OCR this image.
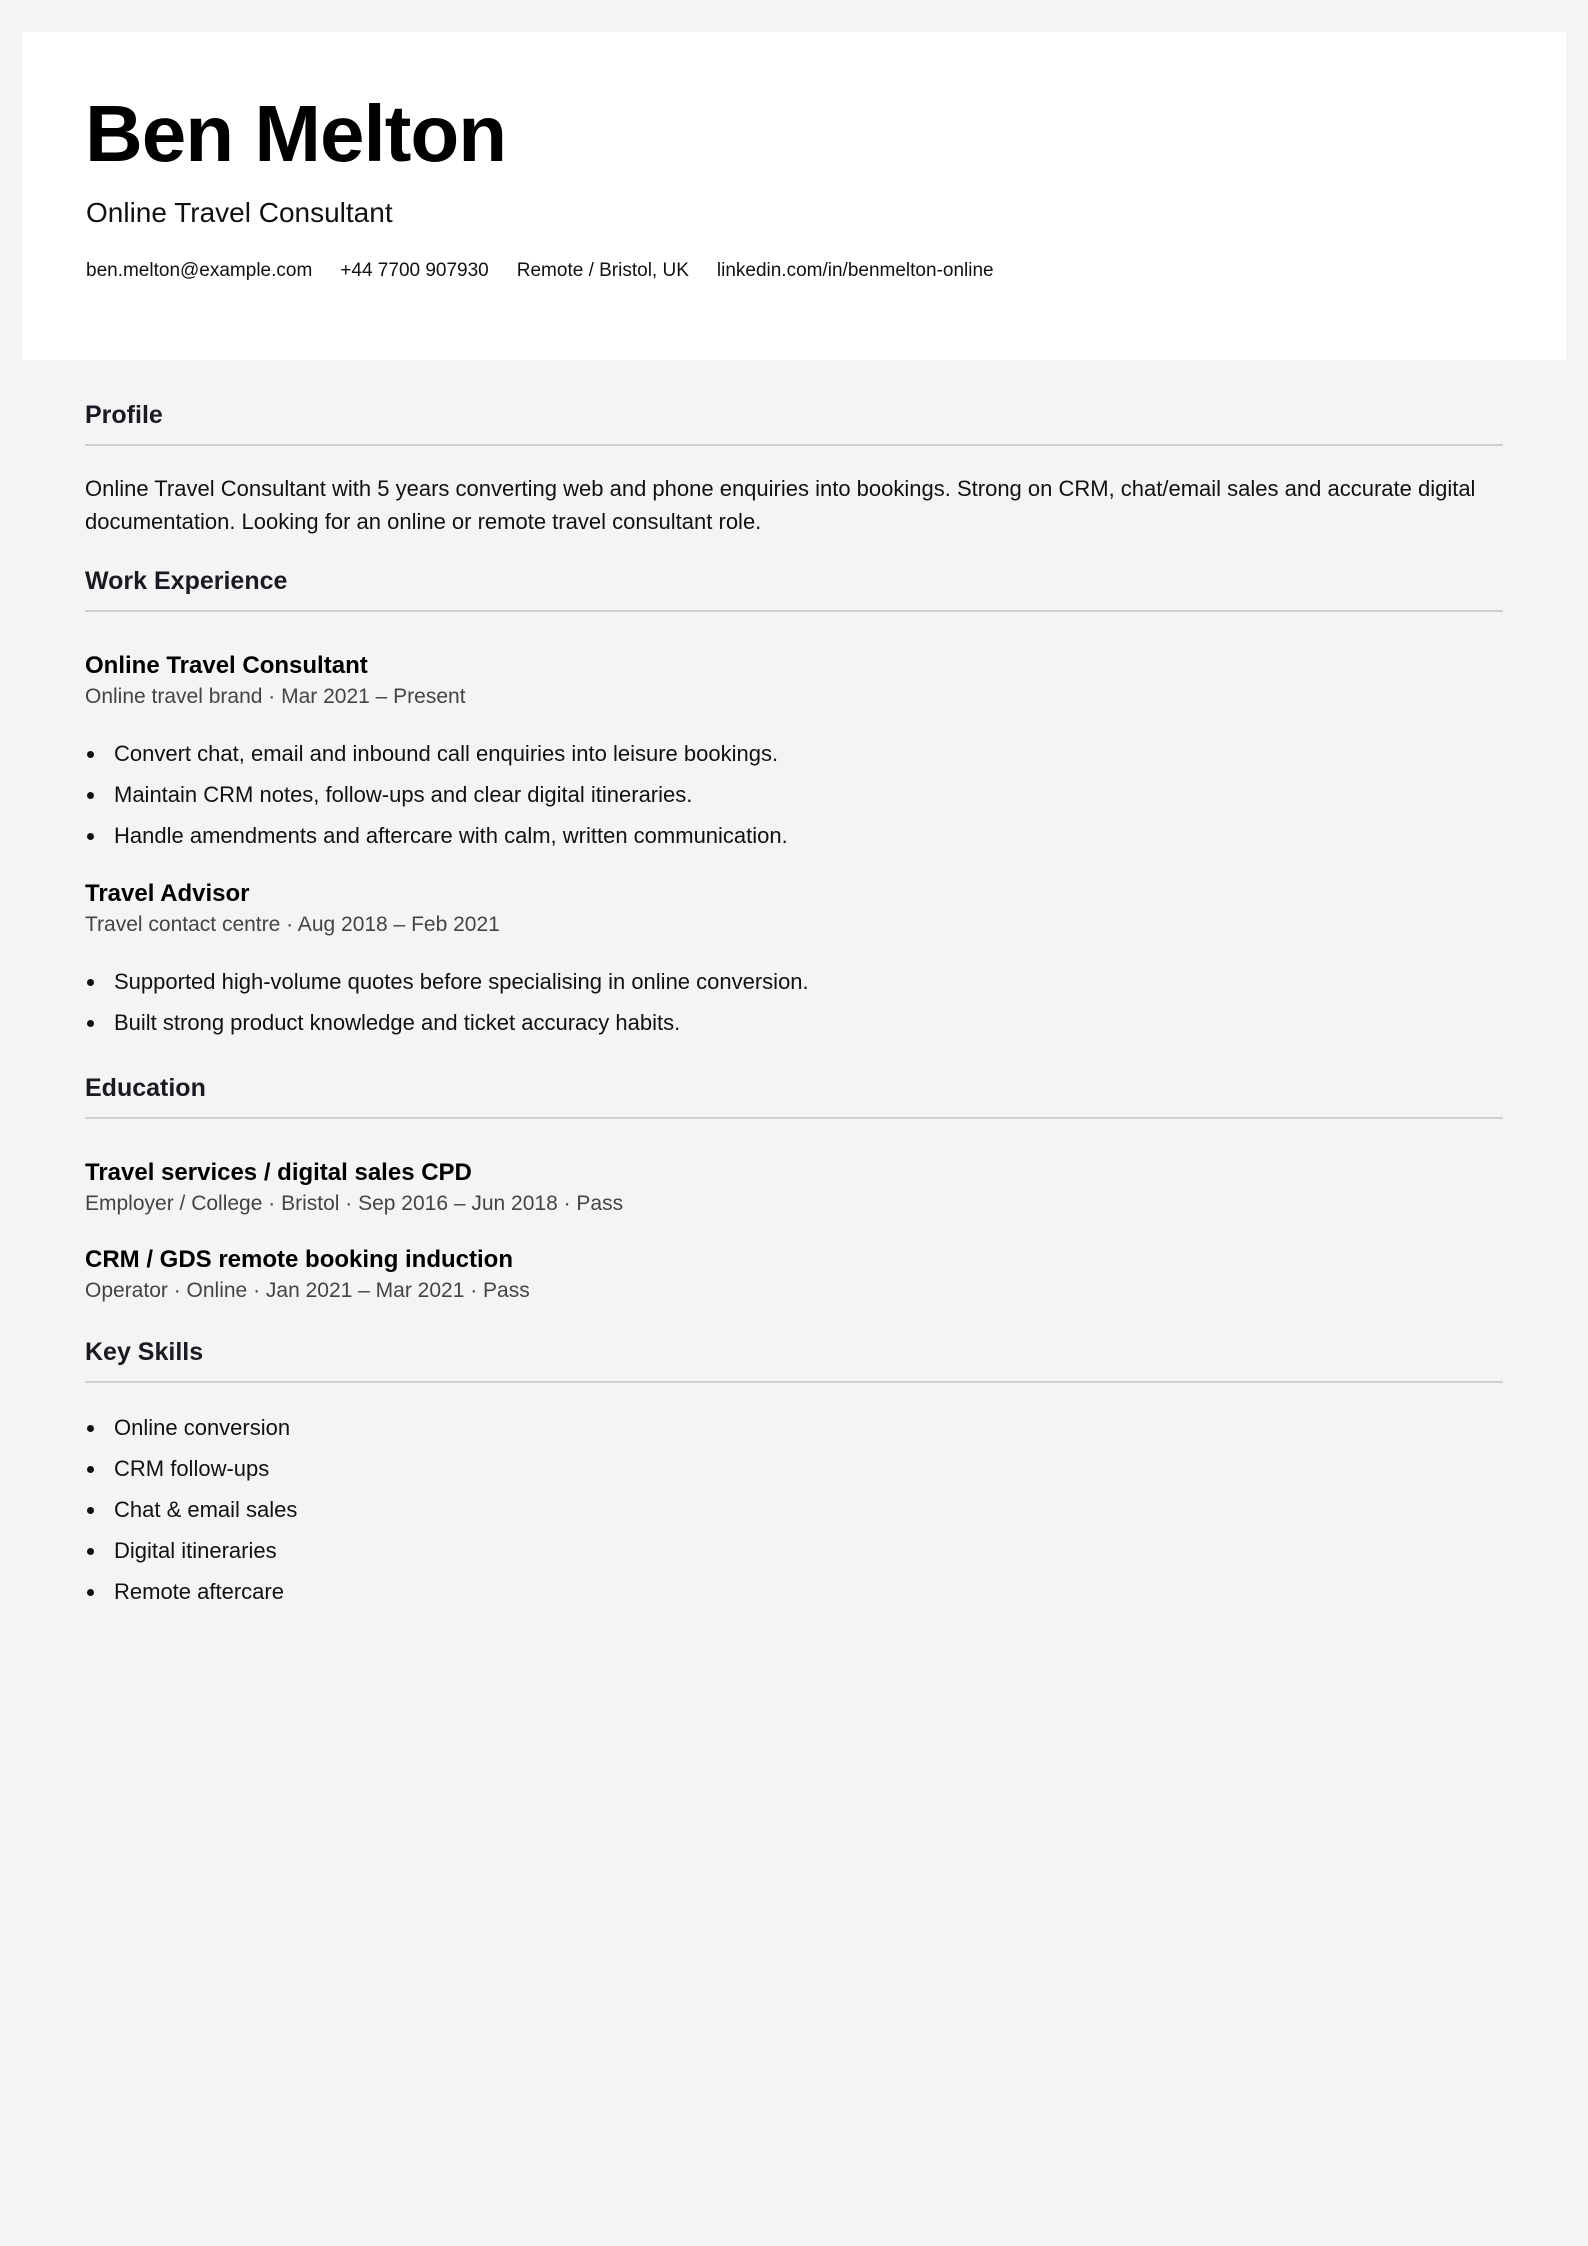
Ben Melton
Online Travel Consultant
ben.melton@example.com +44 7700 907930 Remote / Bristol, UK linkedin.com/in/benmelton-online
Profile

Online Travel Consultant with 5 years converting web and phone enquiries into bookings. Strong on CRM, chat/email sales and accurate digital documentation. Looking for an online or remote travel consultant role.

Work Experience
Online Travel Consultant
Online travel brand · Mar 2021 – Present
Convert chat, email and inbound call enquiries into leisure bookings.
Maintain CRM notes, follow-ups and clear digital itineraries.
Handle amendments and aftercare with calm, written communication.
Travel Advisor
Travel contact centre · Aug 2018 – Feb 2021
Supported high-volume quotes before specialising in online conversion.
Built strong product knowledge and ticket accuracy habits.
Education
Travel services / digital sales CPD
Employer / College · Bristol · Sep 2016 – Jun 2018 · Pass
CRM / GDS remote booking induction
Operator · Online · Jan 2021 – Mar 2021 · Pass
Key Skills
Online conversion
CRM follow-ups
Chat & email sales
Digital itineraries
Remote aftercare
